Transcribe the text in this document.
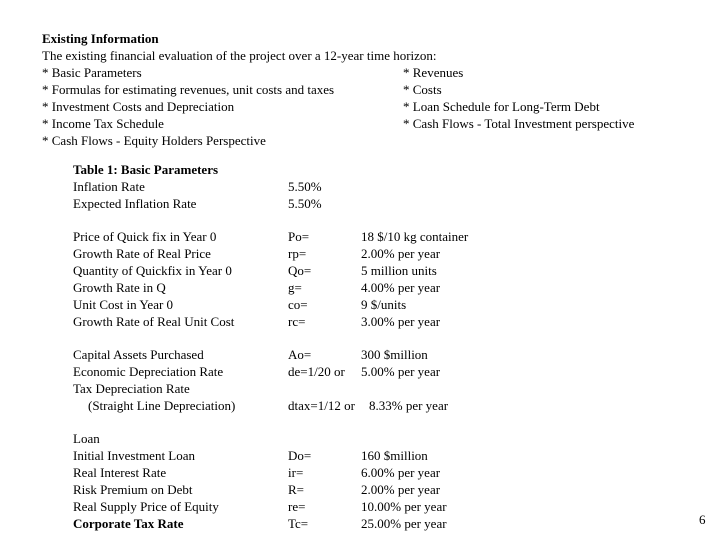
Existing Information
The existing financial evaluation of the project over a 12-year time horizon:
* Basic Parameters
* Formulas for estimating revenues, unit costs and taxes
* Investment Costs and Depreciation
* Income Tax Schedule
* Cash Flows - Equity Holders Perspective
* Revenues
* Costs
* Loan Schedule for Long-Term Debt
* Cash Flows - Total Investment perspective
Table 1: Basic Parameters
Inflation Rate	5.50%
Expected Inflation Rate	5.50%
Price of Quick fix in Year 0	Po=	18 $/10 kg container
Growth Rate of Real Price	rp=	2.00% per year
Quantity of Quickfix in Year 0	Qo=	5 million units
Growth Rate in Q	g=	4.00% per year
Unit Cost in Year 0	co=	9 $/units
Growth Rate of Real Unit Cost	rc=	3.00% per year
Capital Assets Purchased	Ao=	300 $million
Economic Depreciation Rate	de=1/20 or 5.00% per year
Tax Depreciation Rate
(Straight Line Depreciation)	dtax=1/12 or 8.33% per year
Loan
Initial Investment Loan	Do=	160 $million
Real Interest Rate	ir=	6.00% per year
Risk Premium on Debt	R=	2.00% per year
Real Supply Price of Equity	re=	10.00% per year
Corporate Tax Rate	Tc=	25.00% per year	6
